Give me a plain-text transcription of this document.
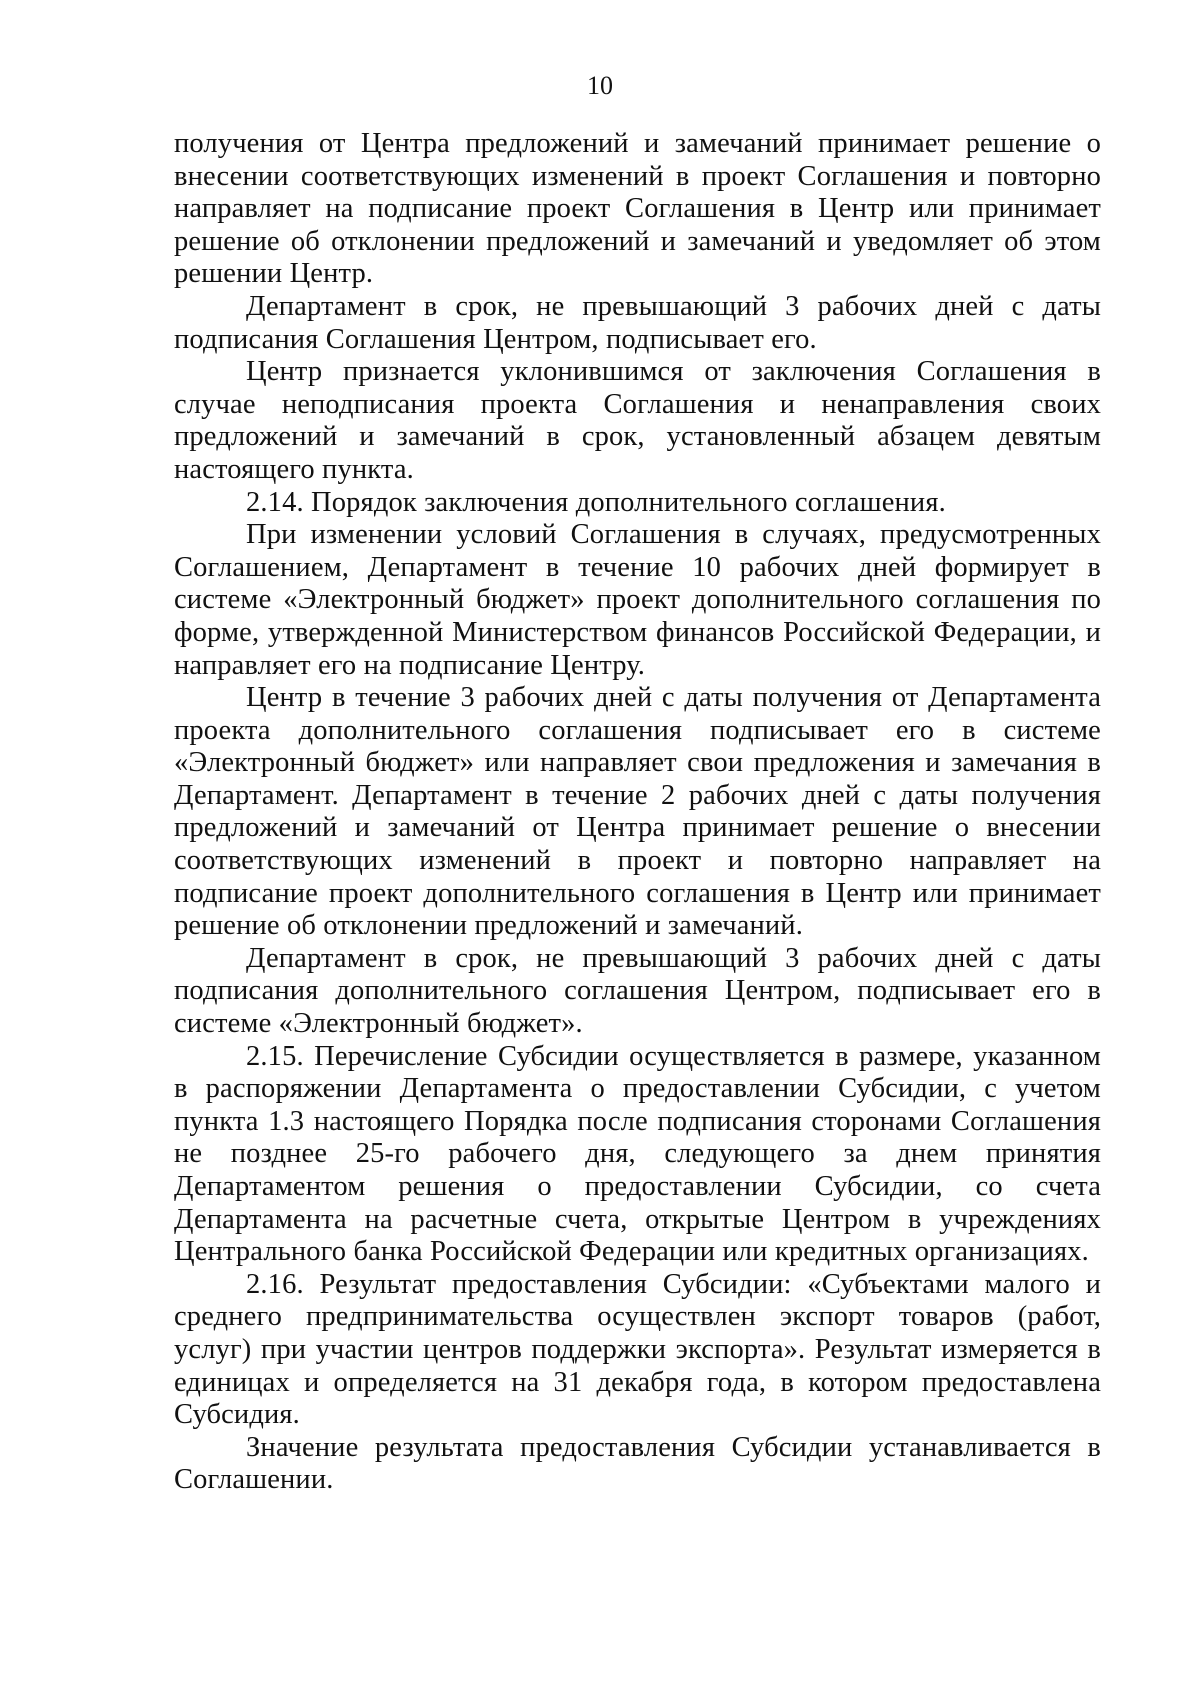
10

получения от Центра предложений и замечаний принимает решение о внесении соответствующих изменений в проект Соглашения и повторно направляет на подписание проект Соглашения в Центр или принимает решение об отклонении предложений и замечаний и уведомляет об этом решении Центр.

Департамент в срок, не превышающий 3 рабочих дней с даты подписания Соглашения Центром, подписывает его.

Центр признается уклонившимся от заключения Соглашения в случае неподписания проекта Соглашения и ненаправления своих предложений и замечаний в срок, установленный абзацем девятым настоящего пункта.

2.14. Порядок заключения дополнительного соглашения.

При изменении условий Соглашения в случаях, предусмотренных Соглашением, Департамент в течение 10 рабочих дней формирует в системе «Электронный бюджет» проект дополнительного соглашения по форме, утвержденной Министерством финансов Российской Федерации, и направляет его на подписание Центру.

Центр в течение 3 рабочих дней с даты получения от Департамента проекта дополнительного соглашения подписывает его в системе «Электронный бюджет» или направляет свои предложения и замечания в Департамент. Департамент в течение 2 рабочих дней с даты получения предложений и замечаний от Центра принимает решение о внесении соответствующих изменений в проект и повторно направляет на подписание проект дополнительного соглашения в Центр или принимает решение об отклонении предложений и замечаний.

Департамент в срок, не превышающий 3 рабочих дней с даты подписания дополнительного соглашения Центром, подписывает его в системе «Электронный бюджет».

2.15. Перечисление Субсидии осуществляется в размере, указанном в распоряжении Департамента о предоставлении Субсидии, с учетом пункта 1.3 настоящего Порядка после подписания сторонами Соглашения не позднее 25-го рабочего дня, следующего за днем принятия Департаментом решения о предоставлении Субсидии, со счета Департамента на расчетные счета, открытые Центром в учреждениях Центрального банка Российской Федерации или кредитных организациях.

2.16. Результат предоставления Субсидии: «Субъектами малого и среднего предпринимательства осуществлен экспорт товаров (работ, услуг) при участии центров поддержки экспорта». Результат измеряется в единицах и определяется на 31 декабря года, в котором предоставлена Субсидия.

Значение результата предоставления Субсидии устанавливается в Соглашении.
